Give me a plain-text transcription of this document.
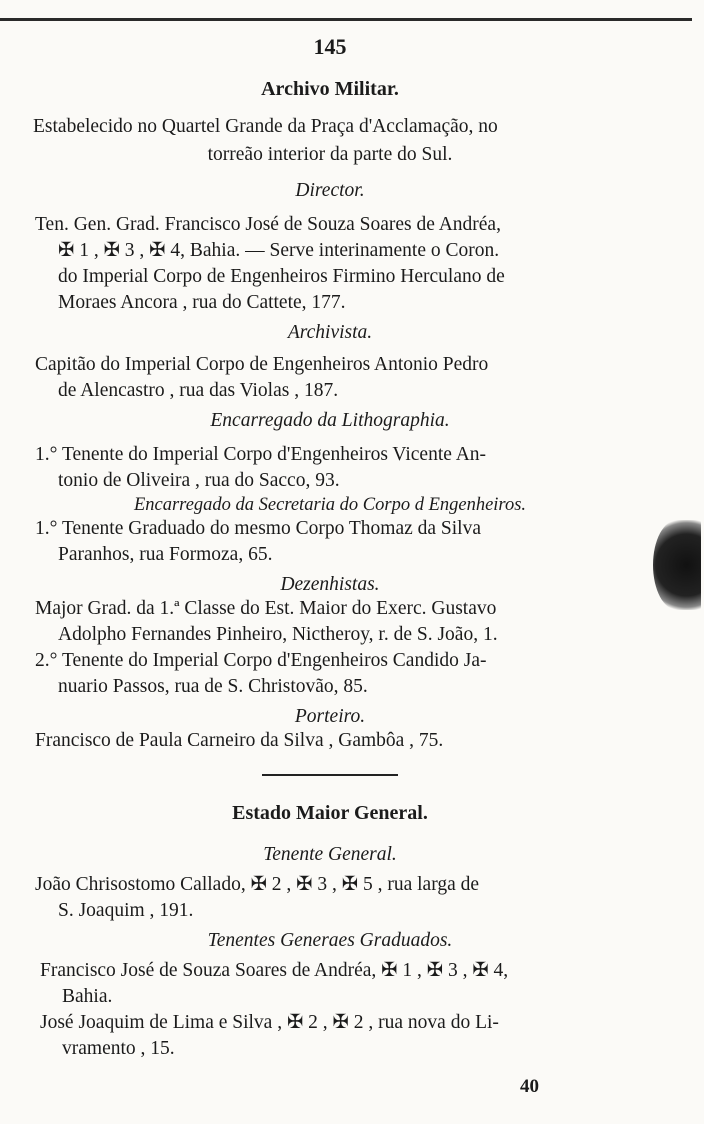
145
Archivo Militar.
Estabelecido no Quartel Grande da Praça d'Acclamação, no
torreão interior da parte do Sul.
Director.
Ten. Gen. Grad. Francisco José de Souza Soares de Andréa,
✠ 1 , ✠ 3 , ✠ 4, Bahia. — Serve interinamente o Coron.
do Imperial Corpo de Engenheiros Firmino Herculano de
Moraes Ancora , rua do Cattete, 177.
Archivista.
Capitão do Imperial Corpo de Engenheiros Antonio Pedro
de Alencastro , rua das Violas , 187.
Encarregado da Lithographia.
1.° Tenente do Imperial Corpo d'Engenheiros Vicente An-
tonio de Oliveira , rua do Sacco, 93.
Encarregado da Secretaria do Corpo d Engenheiros.
1.° Tenente Graduado do mesmo Corpo Thomaz da Silva
Paranhos, rua Formoza, 65.
Dezenhistas.
Major Grad. da 1.ª Classe do Est. Maior do Exerc. Gustavo
Adolpho Fernandes Pinheiro, Nictheroy, r. de S. João, 1.
2.° Tenente do Imperial Corpo d'Engenheiros Candido Ja-
nuario Passos, rua de S. Christovão, 85.
Porteiro.
Francisco de Paula Carneiro da Silva , Gambôa , 75.
Estado Maior General.
Tenente General.
João Chrisostomo Callado, ✠ 2 , ✠ 3 , ✠ 5 , rua larga de
S. Joaquim , 191.
Tenentes Generaes Graduados.
Francisco José de Souza Soares de Andréa, ✠ 1 , ✠ 3 , ✠ 4,
Bahia.
José Joaquim de Lima e Silva , ✠ 2 , ✠ 2 , rua nova do Li-
vramento , 15.
40
